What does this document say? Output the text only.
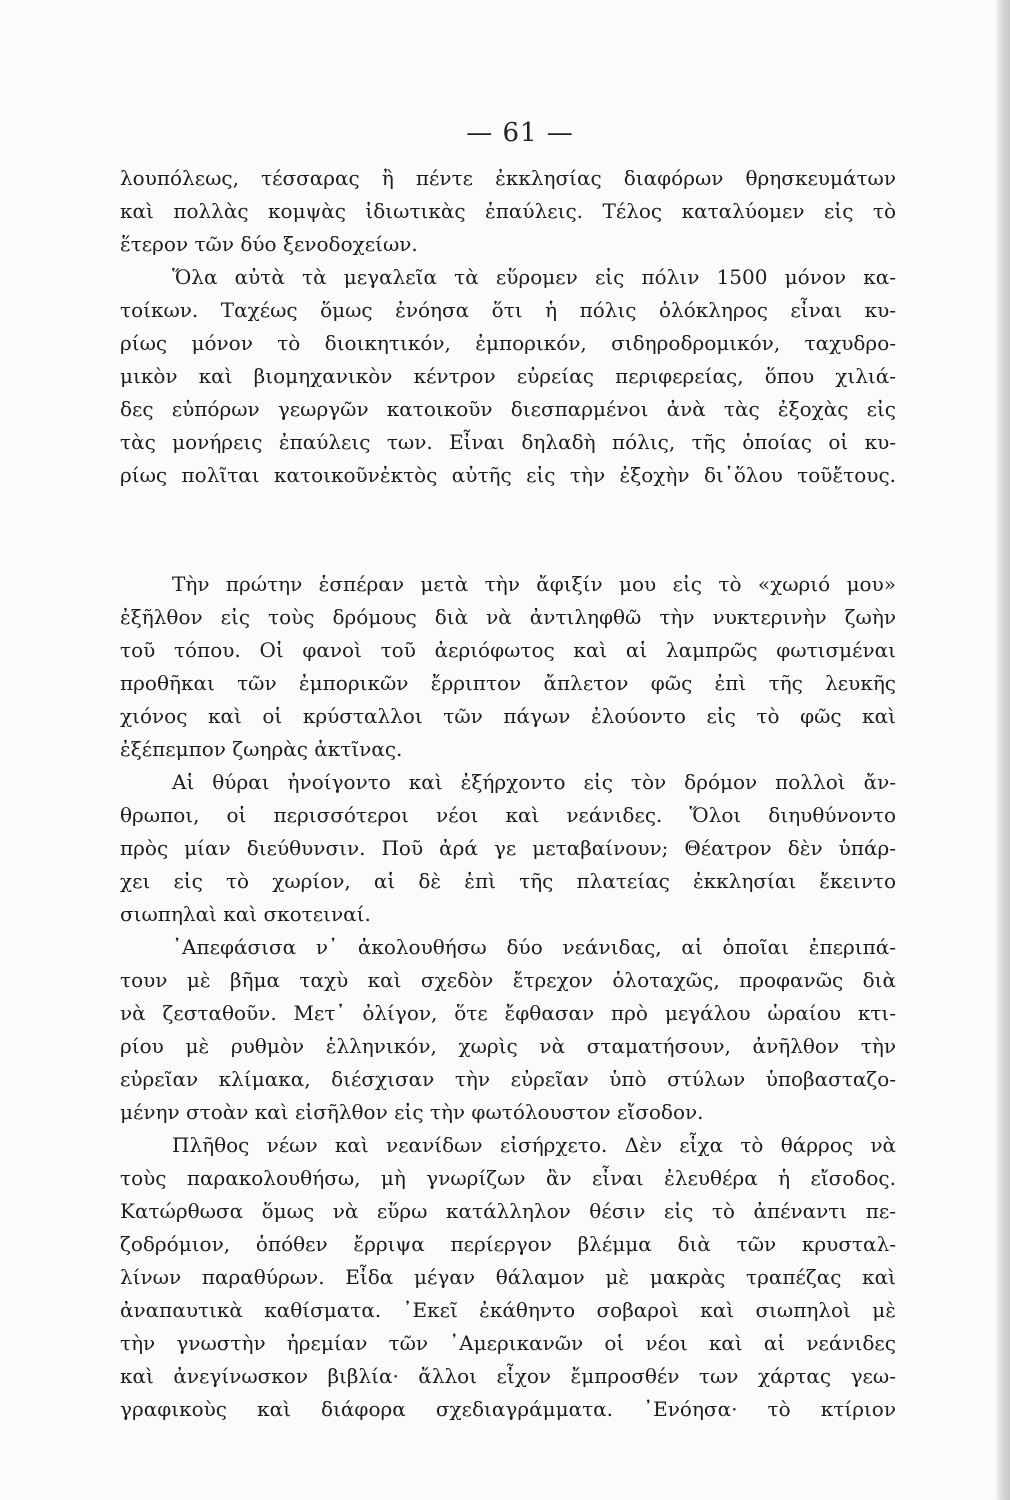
— 61 —
λουπόλεως, τέσσαρας ἢ πέντε ἐκκλησίας διαφόρων θρησκευμάτων
καὶ πολλὰς κομψὰς ἰδιωτικὰς ἐπαύλεις. Τέλος καταλύομεν εἰς τὸ
ἕτερον τῶν δύο ξενοδοχείων.
Ὅλα αὐτὰ τὰ μεγαλεῖα τὰ εὕρομεν εἰς πόλιν 1500 μόνον κα-
τοίκων. Ταχέως ὅμως ἐνόησα ὅτι ἡ πόλις ὁλόκληρος εἶναι κυ-
ρίως μόνον τὸ διοικητικόν, ἐμπορικόν, σιδηροδρομικόν, ταχυδρο-
μικὸν καὶ βιομηχανικὸν κέντρον εὐρείας περιφερείας, ὅπου χιλιά-
δες εὐπόρων γεωργῶν κατοικοῦν διεσπαρμένοι ἀνὰ τὰς ἐξοχὰς εἰς
τὰς μονήρεις ἐπαύλεις των. Εἶναι δηλαδὴ πόλις, τῆς ὁποίας οἱ κυ-
ρίως πολῖται κατοικοῦνἐκτὸς αὐτῆς εἰς τὴν ἐξοχὴν δι᾿ὅλου τοῦἔτους.
Τὴν πρώτην ἑσπέραν μετὰ τὴν ἄφιξίν μου εἰς τὸ «χωριό μου»
ἐξῆλθον εἰς τοὺς δρόμους διὰ νὰ ἀντιληφθῶ τὴν νυκτερινὴν ζωὴν
τοῦ τόπου. Οἱ φανοὶ τοῦ ἀεριόφωτος καὶ αἱ λαμπρῶς φωτισμέναι
προθῆκαι τῶν ἐμπορικῶν ἔρριπτον ἄπλετον φῶς ἐπὶ τῆς λευκῆς
χιόνος καὶ οἱ κρύσταλλοι τῶν πάγων ἐλούοντο εἰς τὸ φῶς καὶ
ἐξέπεμπον ζωηρὰς ἀκτῖνας.
Αἱ θύραι ἠνοίγοντο καὶ ἐξήρχοντο εἰς τὸν δρόμον πολλοὶ ἄν-
θρωποι, οἱ περισσότεροι νέοι καὶ νεάνιδες. Ὅλοι διηυθύνοντο
πρὸς μίαν διεύθυνσιν. Ποῦ ἀρά γε μεταβαίνουν; Θέατρον δὲν ὑπάρ-
χει εἰς τὸ χωρίον, αἱ δὲ ἐπὶ τῆς πλατείας ἐκκλησίαι ἔκειντο
σιωπηλαὶ καὶ σκοτειναί.
᾿Απεφάσισα ν᾿ ἀκολουθήσω δύο νεάνιδας, αἱ ὁποῖαι ἐπεριπά-
τουν μὲ βῆμα ταχὺ καὶ σχεδὸν ἔτρεχον ὁλοταχῶς, προφανῶς διὰ
νὰ ζεσταθοῦν. Μετ᾿ ὀλίγον, ὅτε ἔφθασαν πρὸ μεγάλου ὡραίου κτι-
ρίου μὲ ρυθμὸν ἑλληνικόν, χωρὶς νὰ σταματήσουν, ἀνῆλθον τὴν
εὐρεῖαν κλίμακα, διέσχισαν τὴν εὐρεῖαν ὑπὸ στύλων ὑποβασταζο-
μένην στοὰν καὶ εἰσῆλθον εἰς τὴν φωτόλουστον εἴσοδον.
Πλῆθος νέων καὶ νεανίδων εἰσήρχετο. Δὲν εἶχα τὸ θάρρος νὰ
τοὺς παρακολουθήσω, μὴ γνωρίζων ἂν εἶναι ἐλευθέρα ἡ εἴσοδος.
Κατώρθωσα ὅμως νὰ εὕρω κατάλληλον θέσιν εἰς τὸ ἀπέναντι πε-
ζοδρόμιον, ὁπόθεν ἔρριψα περίεργον βλέμμα διὰ τῶν κρυσταλ-
λίνων παραθύρων. Εἶδα μέγαν θάλαμον μὲ μακρὰς τραπέζας καὶ
ἀναπαυτικὰ καθίσματα. ᾿Εκεῖ ἐκάθηντο σοβαροὶ καὶ σιωπηλοὶ μὲ
τὴν γνωστὴν ἠρεμίαν τῶν ᾿Αμερικανῶν οἱ νέοι καὶ αἱ νεάνιδες
καὶ ἀνεγίνωσκον βιβλία· ἄλλοι εἶχον ἔμπροσθέν των χάρτας γεω-
γραφικοὺς καὶ διάφορα σχεδιαγράμματα. ᾿Ενόησα· τὸ κτίριον
